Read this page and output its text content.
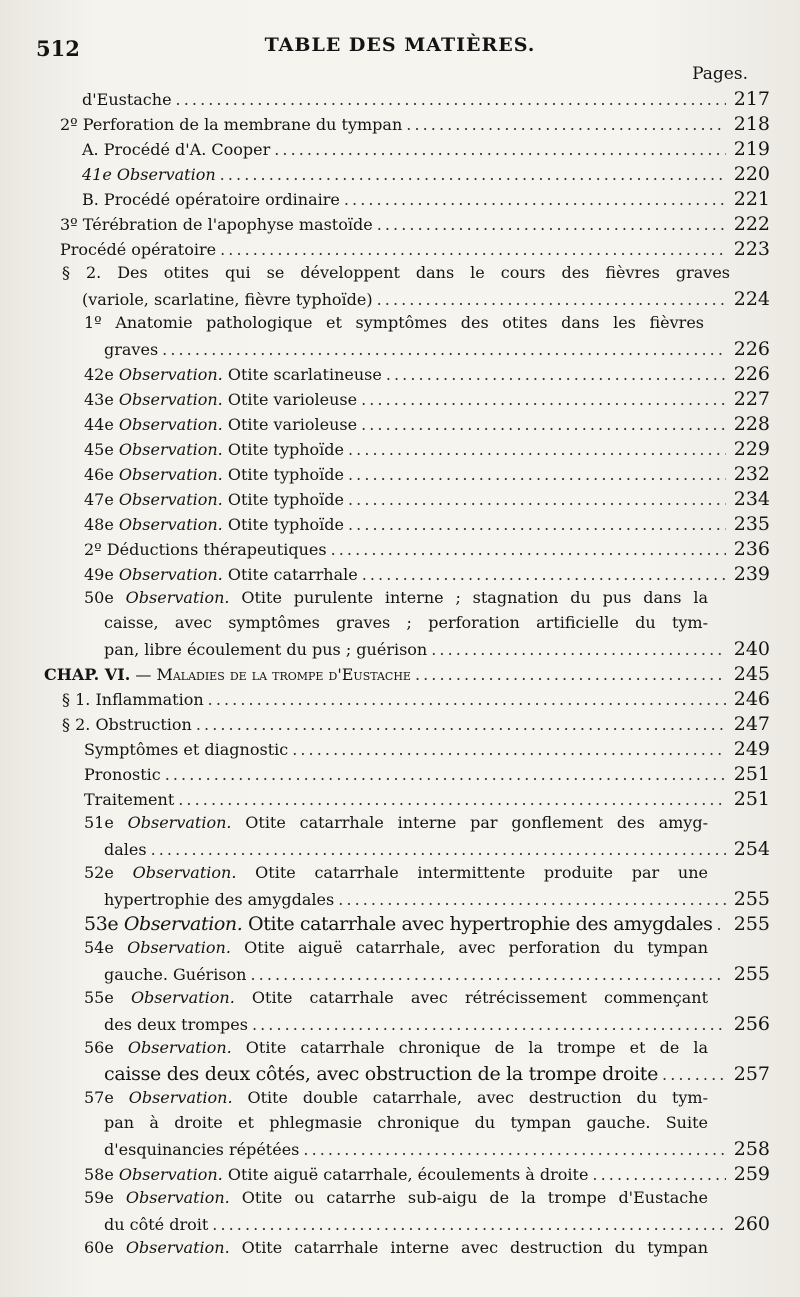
512	TABLE DES MATIÈRES.
Pages.
d'Eustache . . .	217
2º Perforation de la membrane du tympan . . .	218
A. Procédé d'A. Cooper . . .	219
41e Observation . . .	220
B. Procédé opératoire ordinaire . . .	221
3º Térébration de l'apophyse mastoïde . . .	222
Procédé opératoire . . .	223
§ 2. Des otites qui se développent dans le cours des fièvres graves
(variole, scarlatine, fièvre typhoïde) . . .	224
1º Anatomie pathologique et symptômes des otites dans les fièvres
graves . . .	226
42e Observation. Otite scarlatineuse . . .	226
43e Observation. Otite varioleuse . . .	227
44e Observation. Otite varioleuse . . .	228
45e Observation. Otite typhoïde . . .	229
46e Observation. Otite typhoïde . . .	232
47e Observation. Otite typhoïde . . .	234
48e Observation. Otite typhoïde . . .	235
2º Déductions thérapeutiques . . .	236
49e Observation. Otite catarrhale . . .	239
50e Observation. Otite purulente interne ; stagnation du pus dans la
caisse, avec symptômes graves ; perforation artificielle du tym-
pan, libre écoulement du pus ; guérison . . .	240
CHAP. VI. — Maladies de la trompe d'Eustache . . .	245
§ 1. Inflammation . . .	246
§ 2. Obstruction . . .	247
Symptômes et diagnostic . . .	249
Pronostic . . .	251
Traitement . . .	251
51e Observation. Otite catarrhale interne par gonflement des amyg-
dales . . .	254
52e Observation. Otite catarrhale intermittente produite par une
hypertrophie des amygdales . . .	255
53e Observation. Otite catarrhale avec hypertrophie des amygdales . . . 255
54e Observation. Otite aiguë catarrhale, avec perforation du tympan
gauche. Guérison . . .	255
55e Observation. Otite catarrhale avec rétrécissement commençant
des deux trompes . . .	256
56e Observation. Otite catarrhale chronique de la trompe et de la
caisse des deux côtés, avec obstruction de la trompe droite . . .	257
57e Observation. Otite double catarrhale, avec destruction du tym-
pan à droite et phlegmasie chronique du tympan gauche. Suite
d'esquinancies répétées . . .	258
58e Observation. Otite aiguë catarrhale, écoulements à droite . . .	259
59e Observation. Otite ou catarrhe sub-aigu de la trompe d'Eustache
du côté droit . . .	260
60e Observation. Otite catarrhale interne avec destruction du tympan
